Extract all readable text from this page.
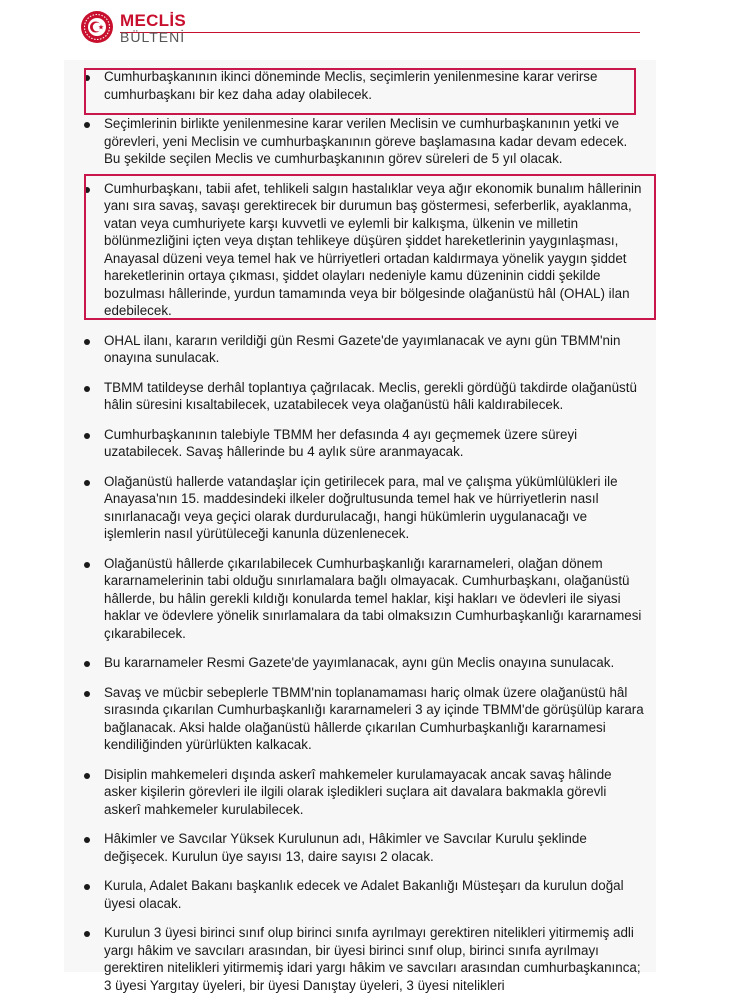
MECLİS
BÜLTENİ
Cumhurbaşkanının ikinci döneminde Meclis, seçimlerin yenilenmesine karar verirse cumhurbaşkanı bir kez daha aday olabilecek.
Seçimlerinin birlikte yenilenmesine karar verilen Meclisin ve cumhurbaşkanının yetki ve görevleri, yeni Meclisin ve cumhurbaşkanının göreve başlamasına kadar devam edecek. Bu şekilde seçilen Meclis ve cumhurbaşkanının görev süreleri de 5 yıl olacak.
Cumhurbaşkanı, tabii afet, tehlikeli salgın hastalıklar veya ağır ekonomik bunalım hâllerinin yanı sıra savaş, savaşı gerektirecek bir durumun baş göstermesi, seferberlik, ayaklanma, vatan veya cumhuriyete karşı kuvvetli ve eylemli bir kalkışma, ülkenin ve milletin bölünmezliğini içten veya dıştan tehlikeye düşüren şiddet hareketlerinin yaygınlaşması, Anayasal düzeni veya temel hak ve hürriyetleri ortadan kaldırmaya yönelik yaygın şiddet hareketlerinin ortaya çıkması, şiddet olayları nedeniyle kamu düzeninin ciddi şekilde bozulması hâllerinde, yurdun tamamında veya bir bölgesinde olağanüstü hâl (OHAL) ilan edebilecek.
OHAL ilanı, kararın verildiği gün Resmi Gazete'de yayımlanacak ve aynı gün TBMM'nin onayına sunulacak.
TBMM tatildeyse derhâl toplantıya çağrılacak. Meclis, gerekli gördüğü takdirde olağanüstü hâlin süresini kısaltabilecek, uzatabilecek veya olağanüstü hâli kaldırabilecek.
Cumhurbaşkanının talebiyle TBMM her defasında 4 ayı geçmemek üzere süreyi uzatabilecek. Savaş hâllerinde bu 4 aylık süre aranmayacak.
Olağanüstü hallerde vatandaşlar için getirilecek para, mal ve çalışma yükümlülükleri ile Anayasa'nın 15. maddesindeki ilkeler doğrultusunda temel hak ve hürriyetlerin nasıl sınırlanacağı veya geçici olarak durdurulacağı, hangi hükümlerin uygulanacağı ve işlemlerin nasıl yürütüleceği kanunla düzenlenecek.
Olağanüstü hâllerde çıkarılabilecek Cumhurbaşkanlığı kararnameleri, olağan dönem kararnamelerinin tabi olduğu sınırlamalara bağlı olmayacak. Cumhurbaşkanı, olağanüstü hâllerde, bu hâlin gerekli kıldığı konularda temel haklar, kişi hakları ve ödevleri ile siyasi haklar ve ödevlere yönelik sınırlamalara da tabi olmaksızın Cumhurbaşkanlığı kararnamesi çıkarabilecek.
Bu kararnameler Resmi Gazete'de yayımlanacak, aynı gün Meclis onayına sunulacak.
Savaş ve mücbir sebeplerle TBMM'nin toplanamaması hariç olmak üzere olağanüstü hâl sırasında çıkarılan Cumhurbaşkanlığı kararnameleri 3 ay içinde TBMM'de görüşülüp karara bağlanacak. Aksi halde olağanüstü hâllerde çıkarılan Cumhurbaşkanlığı kararnamesi kendiliğinden yürürlükten kalkacak.
Disiplin mahkemeleri dışında askerî mahkemeler kurulamayacak ancak savaş hâlinde asker kişilerin görevleri ile ilgili olarak işledikleri suçlara ait davalara bakmakla görevli askerî mahkemeler kurulabilecek.
Hâkimler ve Savcılar Yüksek Kurulunun adı, Hâkimler ve Savcılar Kurulu şeklinde değişecek. Kurulun üye sayısı 13, daire sayısı 2 olacak.
Kurula, Adalet Bakanı başkanlık edecek ve Adalet Bakanlığı Müsteşarı da kurulun doğal üyesi olacak.
Kurulun 3 üyesi birinci sınıf olup birinci sınıfa ayrılmayı gerektiren nitelikleri yitirmemiş adli yargı hâkim ve savcıları arasından, bir üyesi birinci sınıf olup, birinci sınıfa ayrılmayı gerektiren nitelikleri yitirmemiş idari yargı hâkim ve savcıları arasından cumhurbaşkanınca; 3 üyesi Yargıtay üyeleri, bir üyesi Danıştay üyeleri, 3 üyesi nitelikleri
